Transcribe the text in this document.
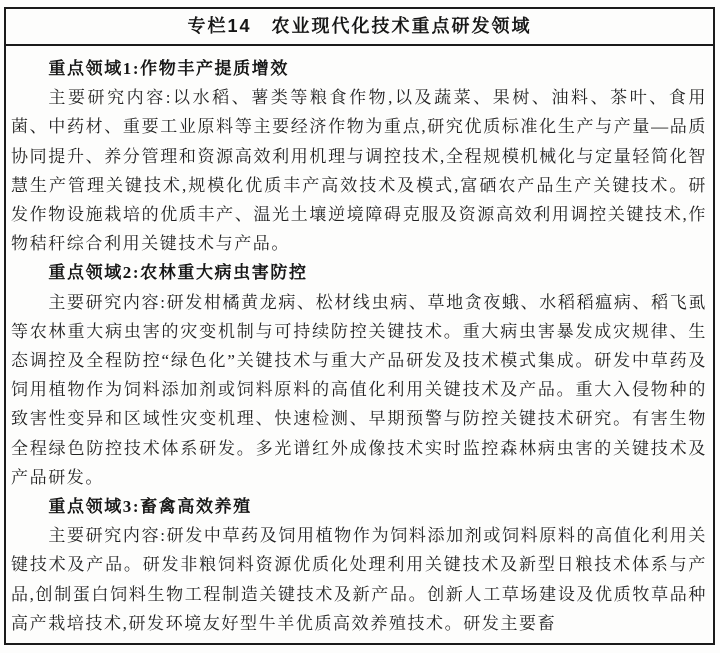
专栏14　农业现代化技术重点研发领域

重点领域1:作物丰产提质增效

主要研究内容:以水稻、薯类等粮食作物,以及蔬菜、果树、油料、茶叶、食用菌、中药材、重要工业原料等主要经济作物为重点,研究优质标准化生产与产量—品质协同提升、养分管理和资源高效利用机理与调控技术,全程规模机械化与定量轻简化智慧生产管理关键技术,规模化优质丰产高效技术及模式,富硒农产品生产关键技术。研发作物设施栽培的优质丰产、温光土壤逆境障碍克服及资源高效利用调控关键技术,作物秸秆综合利用关键技术与产品。

重点领域2:农林重大病虫害防控

主要研究内容:研发柑橘黄龙病、松材线虫病、草地贪夜蛾、水稻稻瘟病、稻飞虱等农林重大病虫害的灾变机制与可持续防控关键技术。重大病虫害暴发成灾规律、生态调控及全程防控“绿色化”关键技术与重大产品研发及技术模式集成。研发中草药及饲用植物作为饲料添加剂或饲料原料的高值化利用关键技术及产品。重大入侵物种的致害性变异和区域性灾变机理、快速检测、早期预警与防控关键技术研究。有害生物全程绿色防控技术体系研发。多光谱红外成像技术实时监控森林病虫害的关键技术及产品研发。

重点领域3:畜禽高效养殖

主要研究内容:研发中草药及饲用植物作为饲料添加剂或饲料原料的高值化利用关键技术及产品。研发非粮饲料资源优质化处理利用关键技术及新型日粮技术体系与产品,创制蛋白饲料生物工程制造关键技术及新产品。创新人工草场建设及优质牧草品种高产栽培技术,研发环境友好型牛羊优质高效养殖技术。研发主要畜
